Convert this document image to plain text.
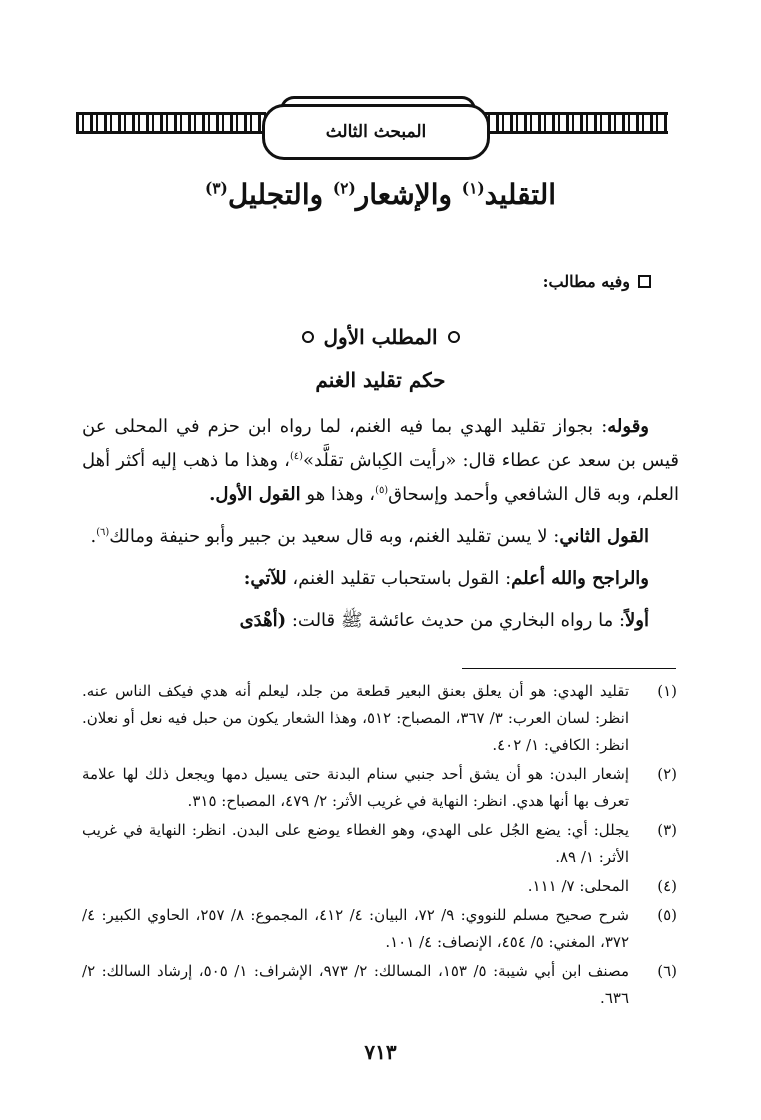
المبحث الثالث
التقليد$^{(١)}$ والإشعار$^{(٢)}$ والتجليل$^{(٣)}$
وفيه مطالب:
المطلب الأول
حكم تقليد الغنم

وقوله: بجواز تقليد الهدي بما فيه الغنم، لما رواه ابن حزم في المحلى عن قيس بن سعد عن عطاء قال: «رأيت الكِباش تقلَّد»$^{(٤)}$، وهذا ما ذهب إليه أكثر أهل العلم، وبه قال الشافعي وأحمد وإسحاق$^{(٥)}$، وهذا هو القول الأول.

القول الثاني: لا يسن تقليد الغنم، وبه قال سعيد بن جبير وأبو حنيفة ومالك$^{(٦)}$.

والراجح والله أعلم: القول باستحباب تقليد الغنم، للآتي:

أولاً: ما رواه البخاري من حديث عائشة ﷺ قالت: (أهْدَى

(١)
تقليد الهدي: هو أن يعلق بعنق البعير قطعة من جلد، ليعلم أنه هدي فيكف الناس عنه. انظر: لسان العرب: ٣/ ٣٦٧، المصباح: ٥١٢، وهذا الشعار يكون من حبل فيه نعل أو نعلان. انظر: الكافي: ١/ ٤٠٢.
(٢)
إشعار البدن: هو أن يشق أحد جنبي سنام البدنة حتى يسيل دمها ويجعل ذلك لها علامة تعرف بها أنها هدي. انظر: النهاية في غريب الأثر: ٢/ ٤٧٩، المصباح: ٣١٥.
(٣)
يجلل: أي: يضع الجُل على الهدي، وهو الغطاء يوضع على البدن. انظر: النهاية في غريب الأثر: ١/ ٨٩.
(٤)
المحلى: ٧/ ١١١.
(٥)
شرح صحيح مسلم للنووي: ٩/ ٧٢، البيان: ٤/ ٤١٢، المجموع: ٨/ ٢٥٧، الحاوي الكبير: ٤/ ٣٧٢، المغني: ٥/ ٤٥٤، الإنصاف: ٤/ ١٠١.
(٦)
مصنف ابن أبي شيبة: ٥/ ١٥٣، المسالك: ٢/ ٩٧٣، الإشراف: ١/ ٥٠٥، إرشاد السالك: ٢/ ٦٣٦.
٧١٣
